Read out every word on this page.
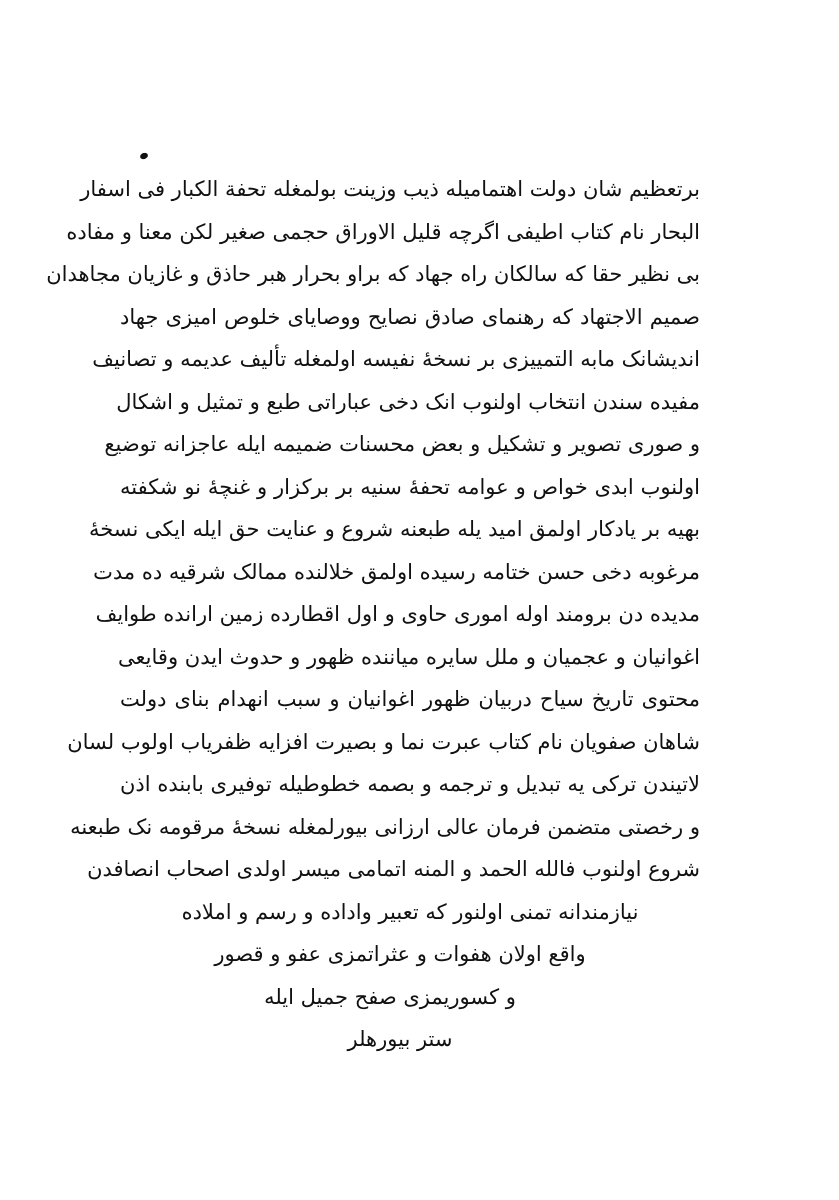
برتعظیم شان دولت اهتمامیله ذیب وزینت بولمغله تحفة الکبار فی اسفار
البحار نام کتاب اطیفی اگرچه قلیل الاوراق حجمی صغیر لکن معنا و مفاده
بی نظیر حقا که سالکان راه جهاد که براو بحرار هبر حاذق و غازیان مجاهدان
صمیم الاجتهاد که رهنمای صادق نصایح ووصایای خلوص امیزی جهاد
اندیشانک مابه التمییزی بر نسخهٔ نفیسه اولمغله تألیف عدیمه و تصانیف
مفیده سندن انتخاب اولنوب انک دخی عباراتی طبع و تمثیل و اشکال
و صوری تصویر و تشکیل و بعض محسنات ضمیمه ایله عاجزانه توضیع
اولنوب ابدی خواص و عوامه تحفهٔ سنیه بر برکزار و غنچهٔ نو شکفته
بهیه بر یادکار اولمق امید یله طبعنه شروع و عنایت حق ایله ایکی نسخهٔ
مرغوبه دخی حسن ختامه رسیده اولمق خلالنده ممالک شرقیه ده مدت
مدیده دن برومند اوله اموری حاوی و اول اقطارده زمین ارانده طوایف
اغوانیان و عجمیان و ملل سایره میاننده ظهور و حدوث ایدن وقایعی
محتوی تاریخ سیاح دربیان ظهور اغوانیان و سبب انهدام بنای دولت
شاهان صفویان نام کتاب عبرت نما و بصیرت افزایه ظفریاب اولوب لسان
لاتیندن ترکی یه تبدیل و ترجمه و بصمه خطوطیله توفیری بابنده اذن
و رخصتی متضمن فرمان عالی ارزانی بیورلمغله نسخهٔ مرقومه نک طبعنه
شروع اولنوب فالله الحمد و المنه اتمامی میسر اولدی اصحاب انصافدن
نیازمندانه تمنی اولنور که تعبیر واداده و رسم و املاده
واقع اولان هفوات و عثراتمزی عفو و قصور
و کسوریمزی صفح جمیل ایله
ستر بیورهلر
